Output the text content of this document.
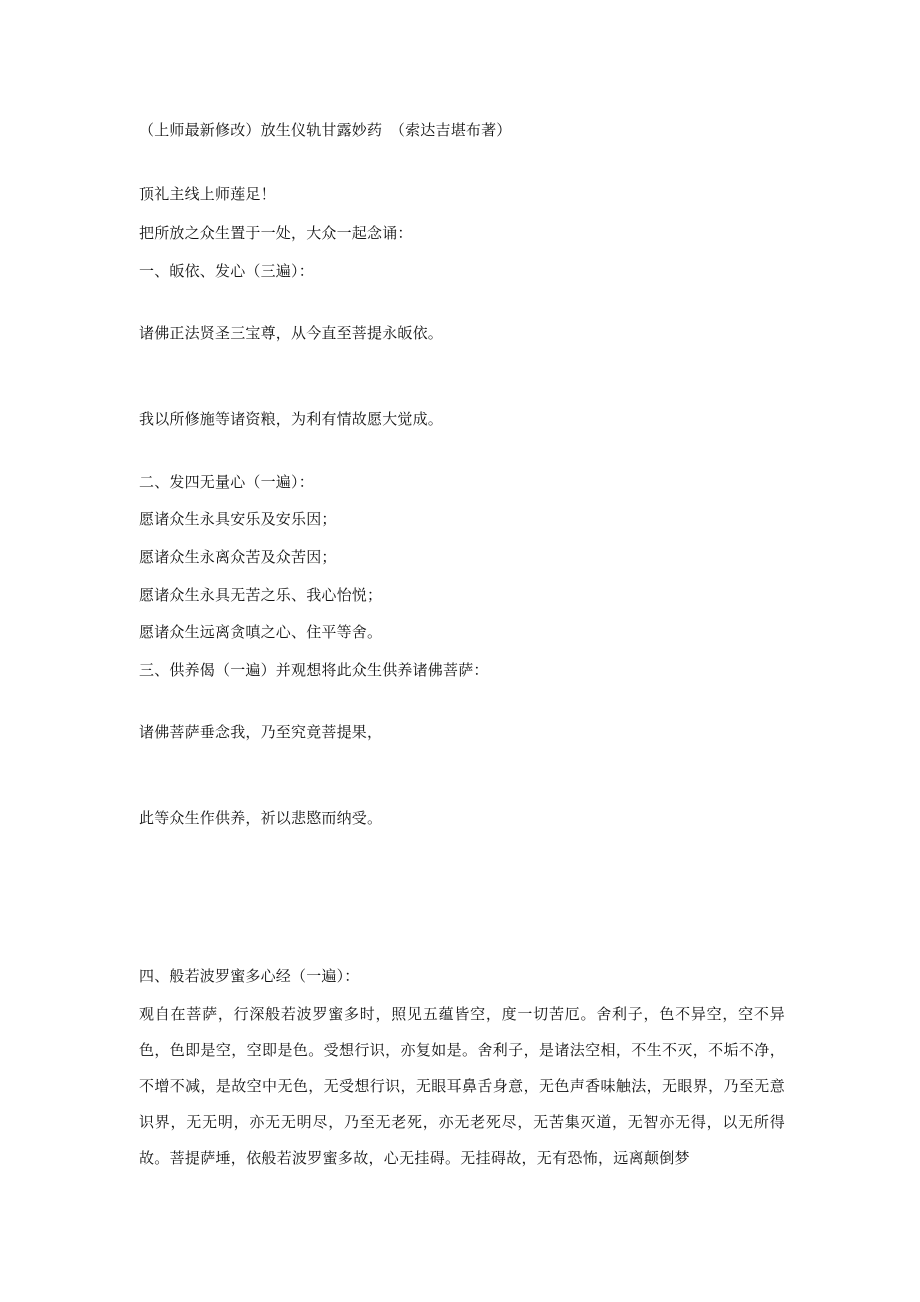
（上师最新修改）放生仪轨甘露妙药　（索达吉堪布著）
顶礼主线上师莲足！
把所放之众生置于一处，大众一起念诵：
一、皈依、发心（三遍）：
诸佛正法贤圣三宝尊，从今直至菩提永皈依。
我以所修施等诸资粮，为利有情故愿大觉成。
二、发四无量心（一遍）：
愿诸众生永具安乐及安乐因；
愿诸众生永离众苦及众苦因；
愿诸众生永具无苦之乐、我心怡悦；
愿诸众生远离贪嗔之心、住平等舍。
三、供养偈（一遍）并观想将此众生供养诸佛菩萨：
诸佛菩萨垂念我，乃至究竟菩提果，
此等众生作供养，祈以悲愍而纳受。
四、般若波罗蜜多心经（一遍）：
观自在菩萨，行深般若波罗蜜多时，照见五蕴皆空，度一切苦厄。舍利子，色不异空，空不异色，色即是空，空即是色。受想行识，亦复如是。舍利子，是诸法空相，不生不灭，不垢不净，不增不减，是故空中无色，无受想行识，无眼耳鼻舌身意，无色声香味触法，无眼界，乃至无意识界，无无明，亦无无明尽，乃至无老死，亦无老死尽，无苦集灭道，无智亦无得，以无所得故。菩提萨埵，依般若波罗蜜多故，心无挂碍。无挂碍故，无有恐怖，远离颠倒梦
